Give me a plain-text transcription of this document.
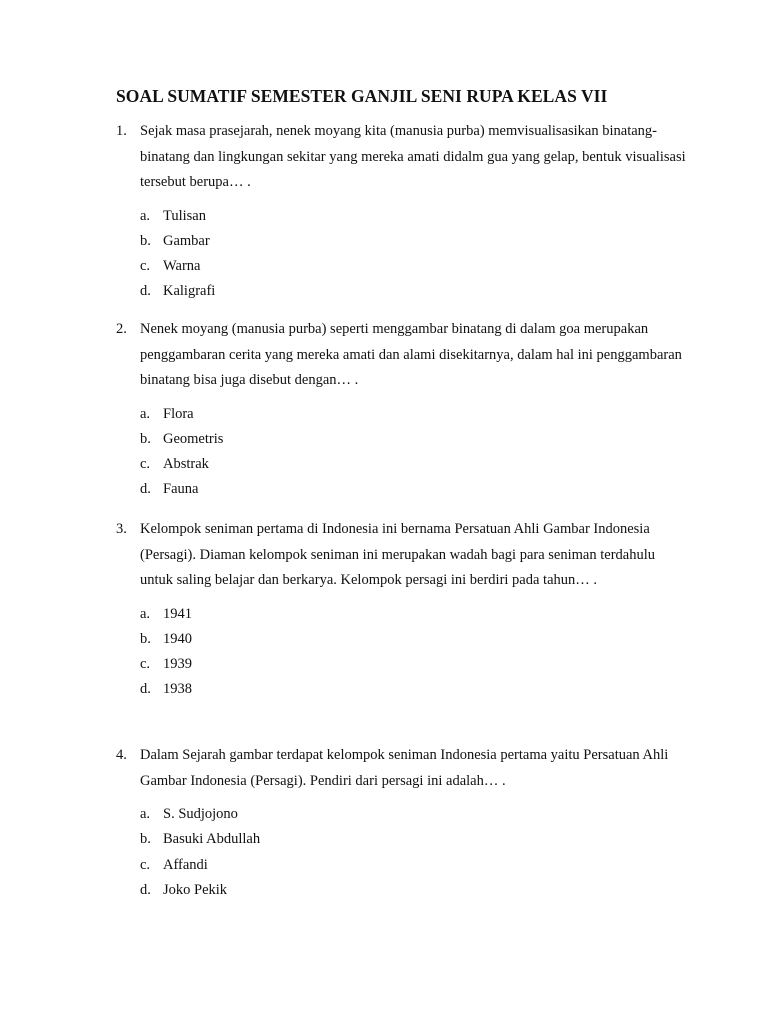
SOAL SUMATIF SEMESTER GANJIL SENI RUPA KELAS VII
1. Sejak masa prasejarah, nenek moyang kita (manusia purba) memvisualisasikan binatang-binatang dan lingkungan sekitar yang mereka amati didalm gua yang gelap, bentuk visualisasi tersebut berupa… .

a. Tulisan
b. Gambar
c. Warna
d. Kaligrafi
2. Nenek moyang (manusia purba) seperti menggambar binatang di dalam goa merupakan penggambaran cerita yang mereka amati dan alami disekitarnya, dalam hal ini penggambaran binatang bisa juga disebut dengan… .

a. Flora
b. Geometris
c. Abstrak
d. Fauna
3. Kelompok seniman pertama di Indonesia ini bernama Persatuan Ahli Gambar Indonesia (Persagi). Diaman kelompok seniman ini merupakan wadah bagi para seniman terdahulu untuk saling belajar dan berkarya. Kelompok persagi ini berdiri pada tahun… .

a. 1941
b. 1940
c. 1939
d. 1938
4. Dalam Sejarah gambar terdapat kelompok seniman Indonesia pertama yaitu Persatuan Ahli Gambar Indonesia (Persagi). Pendiri dari persagi ini adalah… .

a. S. Sudjojono
b. Basuki Abdullah
c. Affandi
d. Joko Pekik
